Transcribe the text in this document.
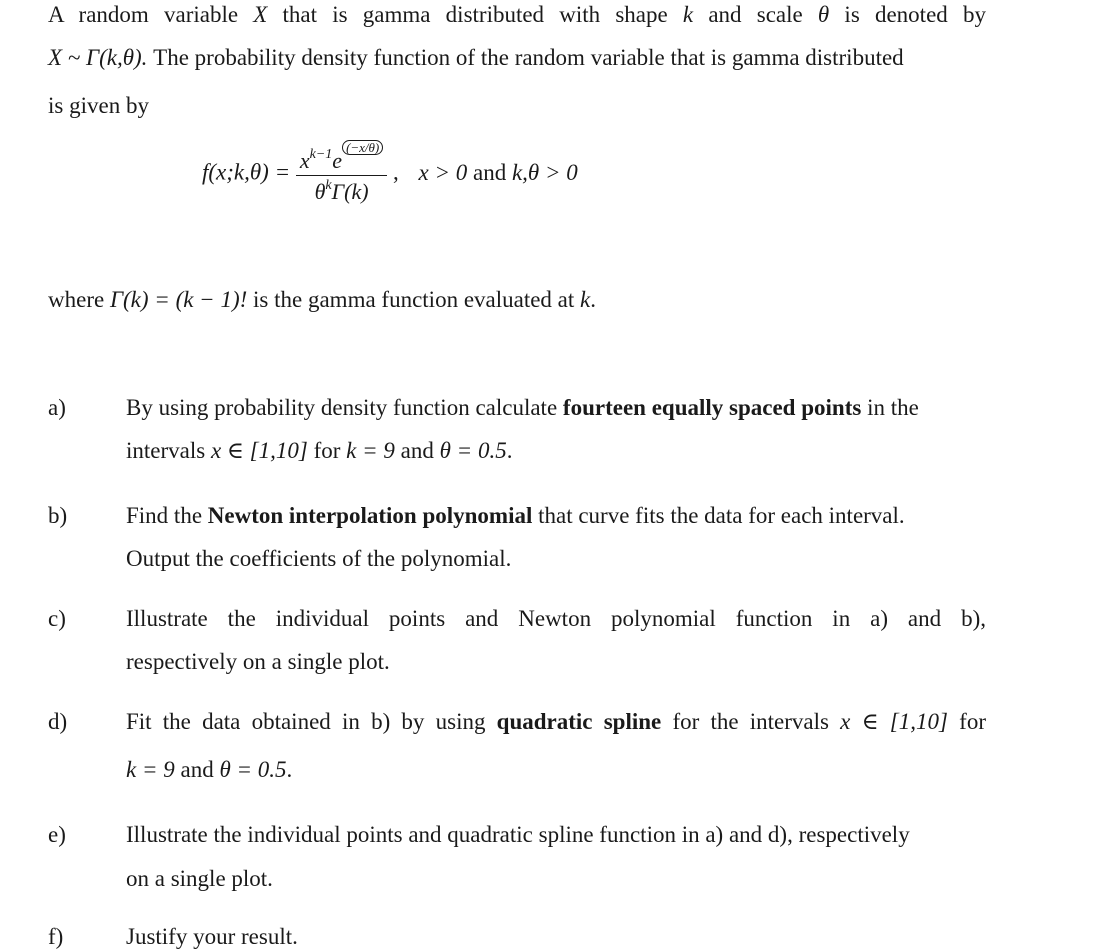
A random variable X that is gamma distributed with shape k and scale θ is denoted by
X ~ Γ(k,θ). The probability density function of the random variable that is gamma distributed
is given by
f(x;k,θ) = $\frac{x^{k-1}e(-x/\theta)}{\theta^k\Gamma(k)}$ , x > 0 and k,θ > 0
where Γ(k) = (k − 1)! is the gamma function evaluated at k.
a)	By using probability density function calculate fourteen equally spaced points in the
intervals x ∈ [1,10] for k = 9 and θ = 0.5.
b)	Find the Newton interpolation polynomial that curve fits the data for each interval.
Output the coefficients of the polynomial.
c)	Illustrate the individual points and Newton polynomial function in a) and b),
respectively on a single plot.
d)	Fit the data obtained in b) by using quadratic spline for the intervals x ∈ [1,10] for
k = 9 and θ = 0.5.
e)	Illustrate the individual points and quadratic spline function in a) and d), respectively
on a single plot.
f)	Justify your result.
